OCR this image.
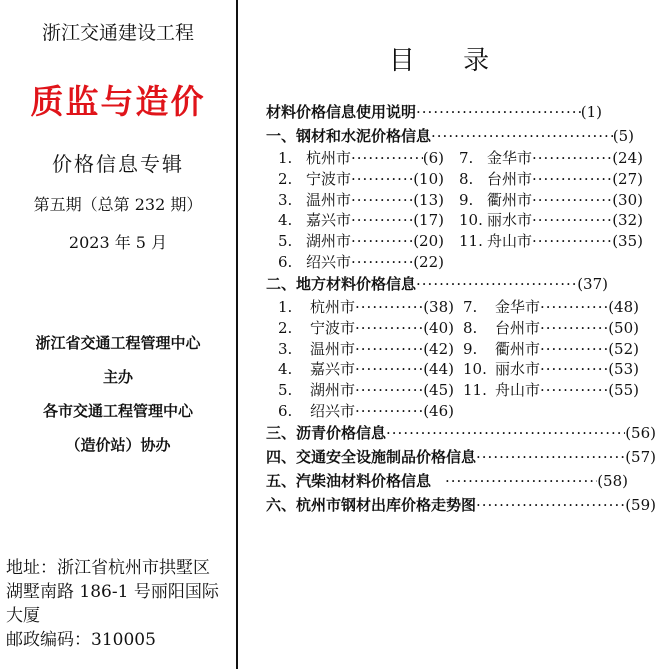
浙江交通建设工程
质监与造价
价格信息专辑
第五期（总第 232 期）
2023 年 5 月
浙江省交通工程管理中心
主办
各市交通工程管理中心
（造价站）协办
地址：浙江省杭州市拱墅区
湖墅南路 186-1 号丽阳国际
大厦
邮政编码：310005
目 录
材料价格信息使用说明 ·····	(1)
一、钢材和水泥价格信息 ·····	(5)
1. 杭州市 ·····	(6)
2. 宁波市 ·····	(10)
3. 温州市 ·····	(13)
4. 嘉兴市 ·····	(17)
5. 湖州市 ·····	(20)
6. 绍兴市 ·····	(22)
7. 金华市 ·····	(24)
8. 台州市 ·····	(27)
9. 衢州市 ·····	(30)
10. 丽水市 ·····	(32)
11. 舟山市 ·····	(35)
二、地方材料价格信息 ·····	(37)
1.	杭州市 ·····	(38)
2.	宁波市 ·····	(40)
3.	温州市 ·····	(42)
4.	嘉兴市 ·····	(44)
5.	湖州市 ·····	(45)
6.	绍兴市 ·····	(46)
7.	金华市 ·····	(48)
8.	台州市 ·····	(50)
9.	衢州市 ·····	(52)
10. 丽水市 ·····	(53)
11. 舟山市 ·····	(55)
三、沥青价格信息 ·····	(56)
四、交通安全设施制品价格信息 ·····	(57)
五、汽柴油材料价格信息 ·····	(58)
六、杭州市钢材出库价格走势图 ·····	(59)
